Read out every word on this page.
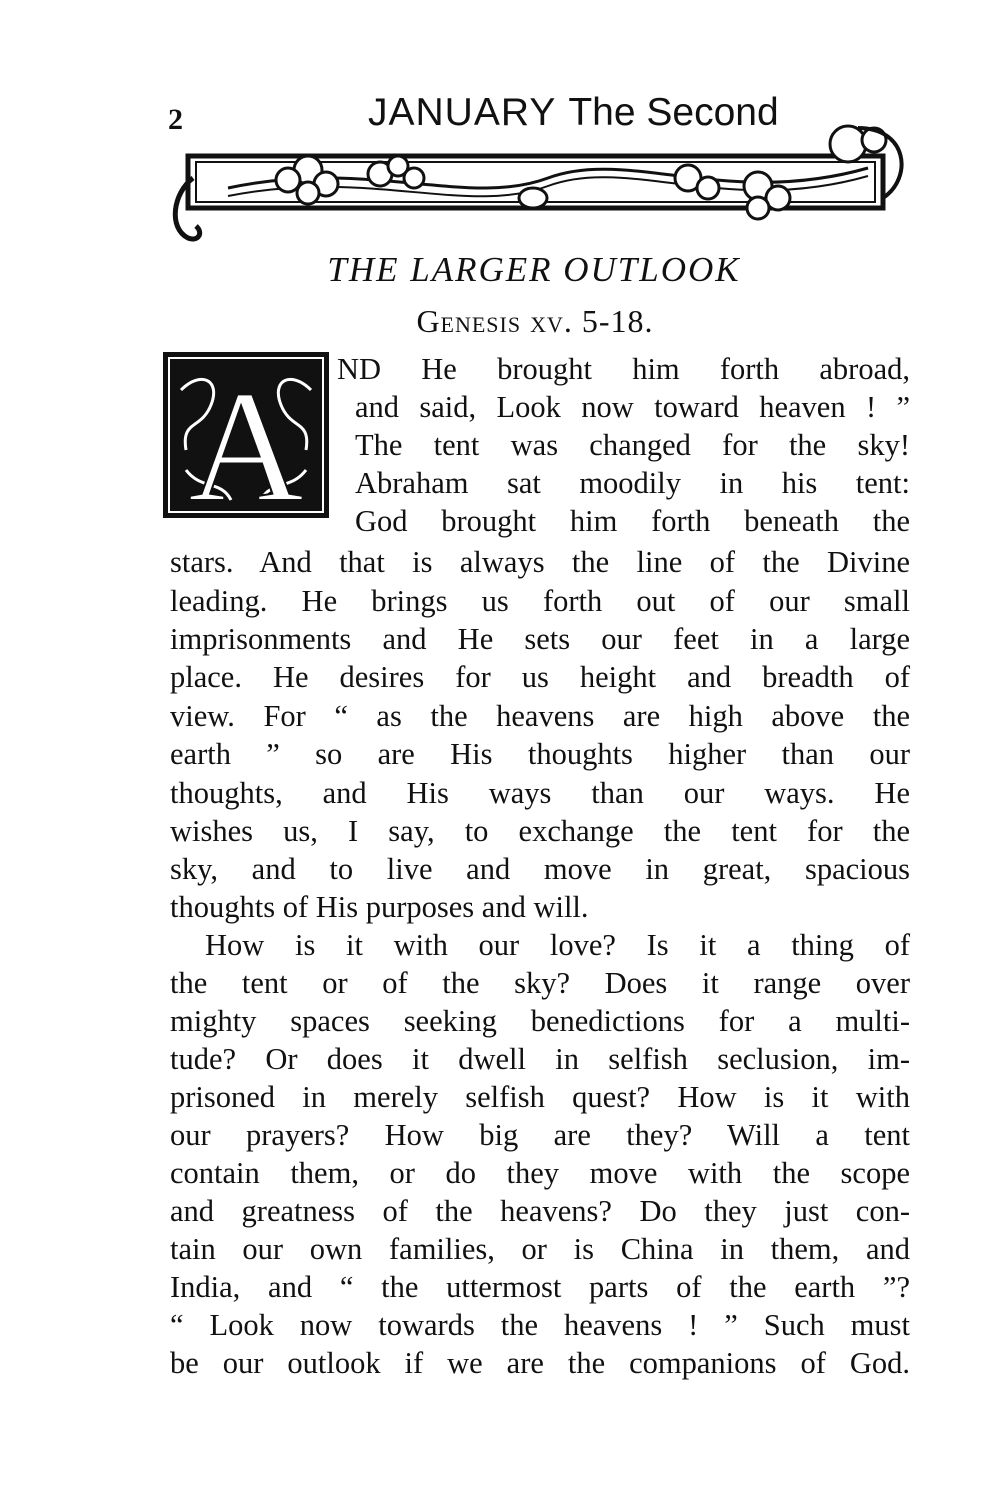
2	JANUARY The Second
THE LARGER OUTLOOK
Genesis xv. 5-18.
A ND He brought him forth abroad,
and said, Look now toward heaven ! ”
The tent was changed for the sky!
Abraham sat moodily in his tent:
God brought him forth beneath the
stars. And that is always the line of the Divine
leading. He brings us forth out of our small
imprisonments and He sets our feet in a large
place. He desires for us height and breadth of
view. For “ as the heavens are high above the
earth ” so are His thoughts higher than our
thoughts, and His ways than our ways. He
wishes us, I say, to exchange the tent for the
sky, and to live and move in great, spacious
thoughts of His purposes and will.
How is it with our love? Is it a thing of
the tent or of the sky? Does it range over
mighty spaces seeking benedictions for a multi-
tude? Or does it dwell in selfish seclusion, im-
prisoned in merely selfish quest? How is it with
our prayers? How big are they? Will a tent
contain them, or do they move with the scope
and greatness of the heavens? Do they just con-
tain our own families, or is China in them, and
India, and “ the uttermost parts of the earth ”?
“ Look now towards the heavens ! ” Such must
be our outlook if we are the companions of God.
